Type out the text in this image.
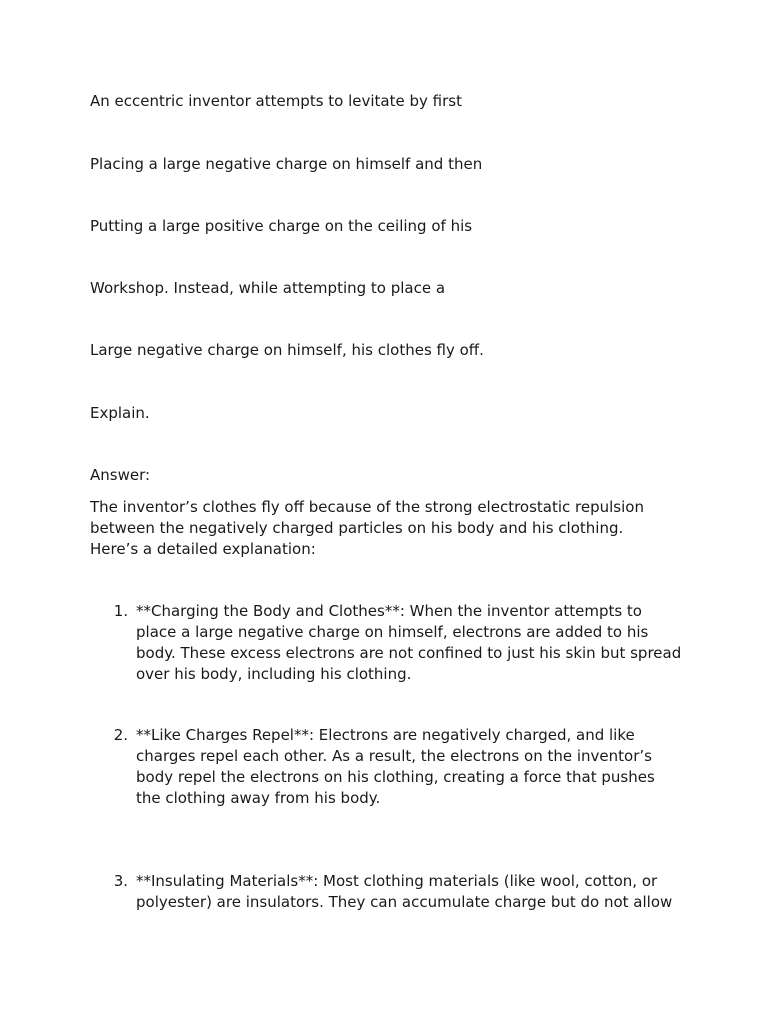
An eccentric inventor attempts to levitate by first
Placing a large negative charge on himself and then
Putting a large positive charge on the ceiling of his
Workshop. Instead, while attempting to place a
Large negative charge on himself, his clothes fly off.
Explain.
Answer:
The inventor’s clothes fly off because of the strong electrostatic repulsion between the negatively charged particles on his body and his clothing. Here’s a detailed explanation:
1. **Charging the Body and Clothes**: When the inventor attempts to place a large negative charge on himself, electrons are added to his body. These excess electrons are not confined to just his skin but spread over his body, including his clothing.
2. **Like Charges Repel**: Electrons are negatively charged, and like charges repel each other. As a result, the electrons on the inventor’s body repel the electrons on his clothing, creating a force that pushes the clothing away from his body.
3. **Insulating Materials**: Most clothing materials (like wool, cotton, or polyester) are insulators. They can accumulate charge but do not allow
